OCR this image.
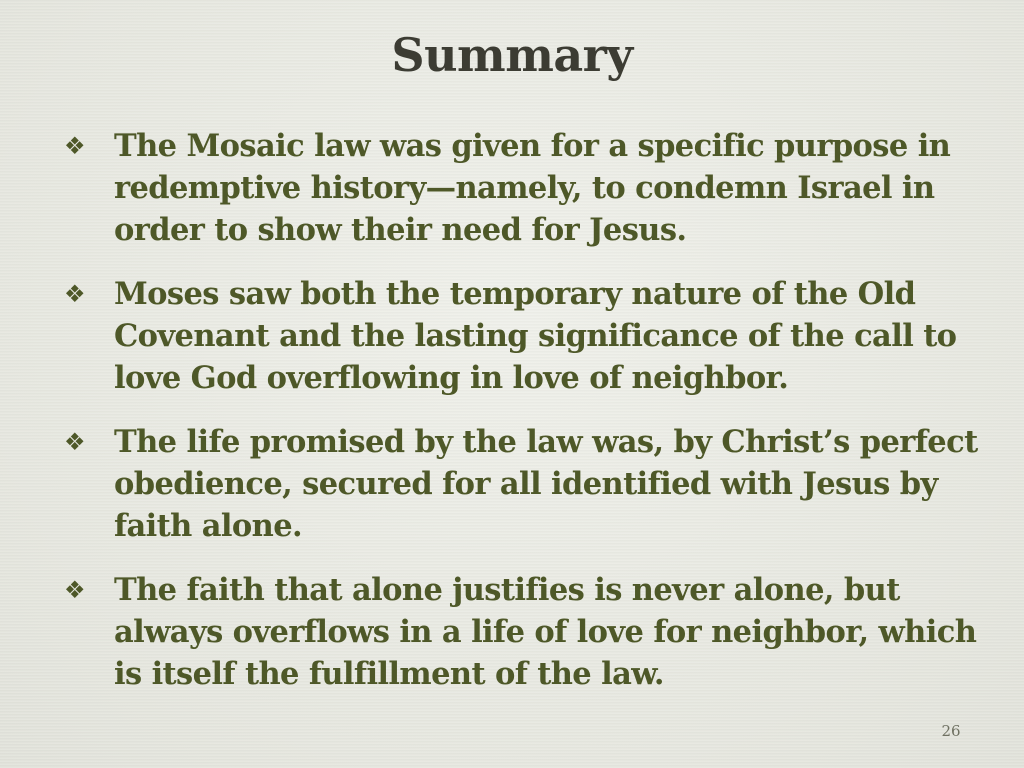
Summary
❖ The Mosaic law was given for a specific purpose in redemptive history—namely, to condemn Israel in order to show their need for Jesus.
❖ Moses saw both the temporary nature of the Old Covenant and the lasting significance of the call to love God overflowing in love of neighbor.
❖ The life promised by the law was, by Christ’s perfect obedience, secured for all identified with Jesus by faith alone.
❖ The faith that alone justifies is never alone, but always overflows in a life of love for neighbor, which is itself the fulfillment of the law.
26
